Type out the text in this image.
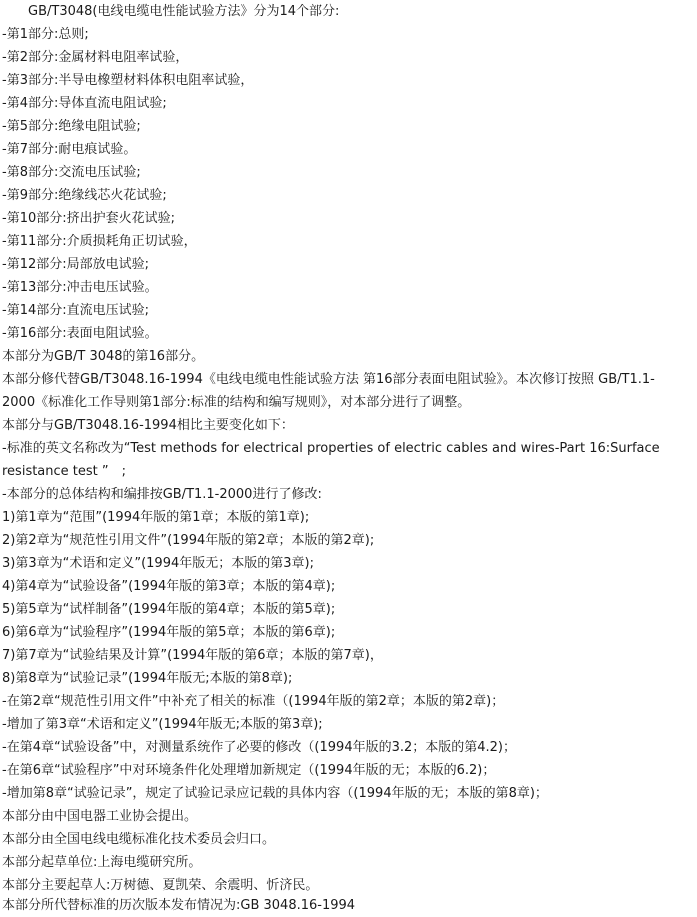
GB/T3048(电线电缆电性能试验方法》分为14个部分:
-第1部分:总则;
-第2部分:金属材料电阻率试验，
-第3部分:半导电橡塑材料体积电阻率试验，
-第4部分:导体直流电阻试验;
-第5部分:绝缘电阻试验;
-第7部分:耐电痕试验。
-第8部分:交流电压试验;
-第9部分:绝缘线芯火花试验;
-第10部分:挤出护套火花试验;
-第11部分:介质损耗角正切试验，
-第12部分:局部放电试验;
-第13部分:冲击电压试验。
-第14部分:直流电压试验;
-第16部分:表面电阻试验。
本部分为GB/T 3048的第16部分。
本部分修代替GB/T3048.16-1994《电线电缆电性能试验方法 第16部分表面电阻试验》。本次修订按照 GB/T1.1-
2000《标准化工作导则第1部分:标准的结构和编写规则》，对本部分进行了调整。
本部分与GB/T3048.16-1994相比主要变化如下：
-标准的英文名称改为“Test methods for electrical properties of electric cables and wires-Part 16:Surface
resistance test ”　;
-本部分的总体结构和编排按GB/T1.1-2000进行了修改:
1)第1章为“范围”(1994年版的第1章；本版的第1章);
2)第2章为“规范性引用文件”(1994年版的第2章；本版的第2章);
3)第3章为“术语和定义”(1994年版无；本版的第3章);
4)第4章为“试验设备”(1994年版的第3章；本版的第4章);
5)第5章为“试样制备”(1994年版的第4章；本版的第5章);
6)第6章为“试验程序”(1994年版的第5章；本版的第6章);
7)第7章为“试验结果及计算”(1994年版的第6章；本版的第7章)，
8)第8章为“试验记录”(1994年版无;本版的第8章);
-在第2章“规范性引用文件”中补充了相关的标准（(1994年版的第2章；本版的第2章)；
-增加了第3章“术语和定义”(1994年版无;本版的第3章);
-在第4章“试验设备”中，对测量系统作了必要的修改（(1994年版的3.2；本版的第4.2)；
-在第6章“试验程序”中对环境条件化处理增加新规定（(1994年版的无；本版的6.2)；
-增加第8章“试验记录”，规定了试验记录应记载的具体内容（(1994年版的无；本版的第8章)；
本部分由中国电器工业协会提出。
本部分由全国电线电缆标准化技术委员会归口。
本部分起草单位:上海电缆研究所。
本部分主要起草人:万树德、夏凯荣、余震明、忻济民。
本部分所代替标准的历次版本发布情况为:GB 3048.16-1994
